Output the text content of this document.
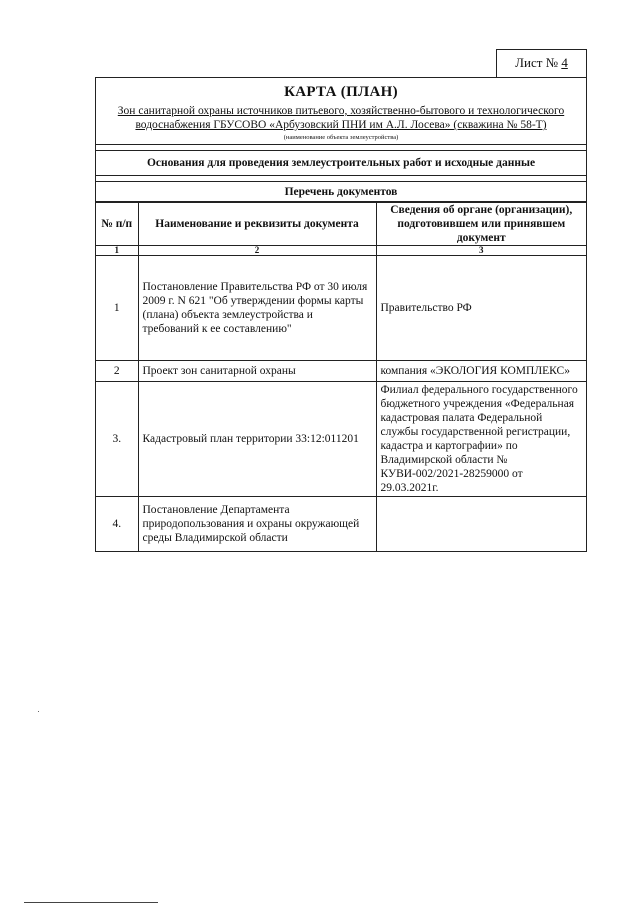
Лист № 4
КАРТА (ПЛАН)
Зон санитарной охраны источников питьевого, хозяйственно-бытового и технологического водоснабжения ГБУСОВО «Арбузовский ПНИ им А.Л. Лосева» (скважина № 58-Т)
(наименование объекта землеустройства)
Основания для проведения землеустроительных работ и исходные данные
Перечень документов
№ п/п	Наименование и реквизиты документа	Сведения об органе (организации), подготовившем или принявшем документ
1	2	3
1	Постановление Правительства РФ от 30 июля 2009 г. N 621 "Об утверждении формы карты (плана) объекта землеустройства и требований к ее составлению"	Правительство РФ
2	Проект зон санитарной охраны	компания «ЭКОЛОГИЯ КОМПЛЕКС»
3.	Кадастровый план территории 33:12:011201	Филиал федерального государственного бюджетного учреждения «Федеральная кадастровая палата Федеральной службы государственной регистрации, кадастра и картографии» по Владимирской области № КУВИ-002/2021-28259000 от 29.03.2021г.
4.	Постановление Департамента природопользования и охраны окружающей среды Владимирской области	
